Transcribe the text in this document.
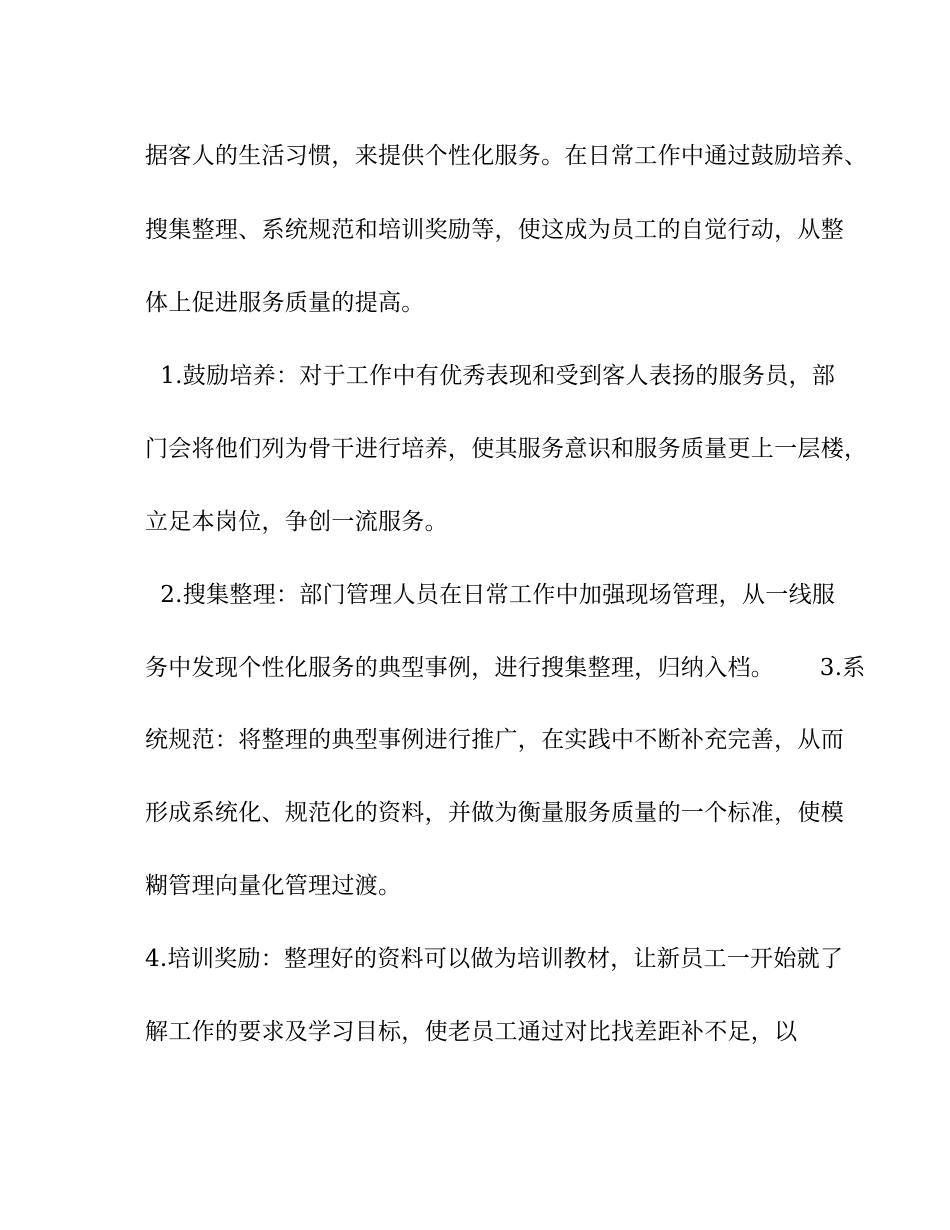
据客人的生活习惯，来提供个性化服务。在日常工作中通过鼓励培养、
搜集整理、系统规范和培训奖励等，使这成为员工的自觉行动，从整
体上促进服务质量的提高。
1.鼓励培养：对于工作中有优秀表现和受到客人表扬的服务员，部
门会将他们列为骨干进行培养，使其服务意识和服务质量更上一层楼，
立足本岗位，争创一流服务。
2.搜集整理：部门管理人员在日常工作中加强现场管理，从一线服
务中发现个性化服务的典型事例，进行搜集整理，归纳入档。      3.系
统规范：将整理的典型事例进行推广，在实践中不断补充完善，从而
形成系统化、规范化的资料，并做为衡量服务质量的一个标准，使模
糊管理向量化管理过渡。
4.培训奖励：整理好的资料可以做为培训教材，让新员工一开始就了
解工作的要求及学习目标，使老员工通过对比找差距补不足，以
